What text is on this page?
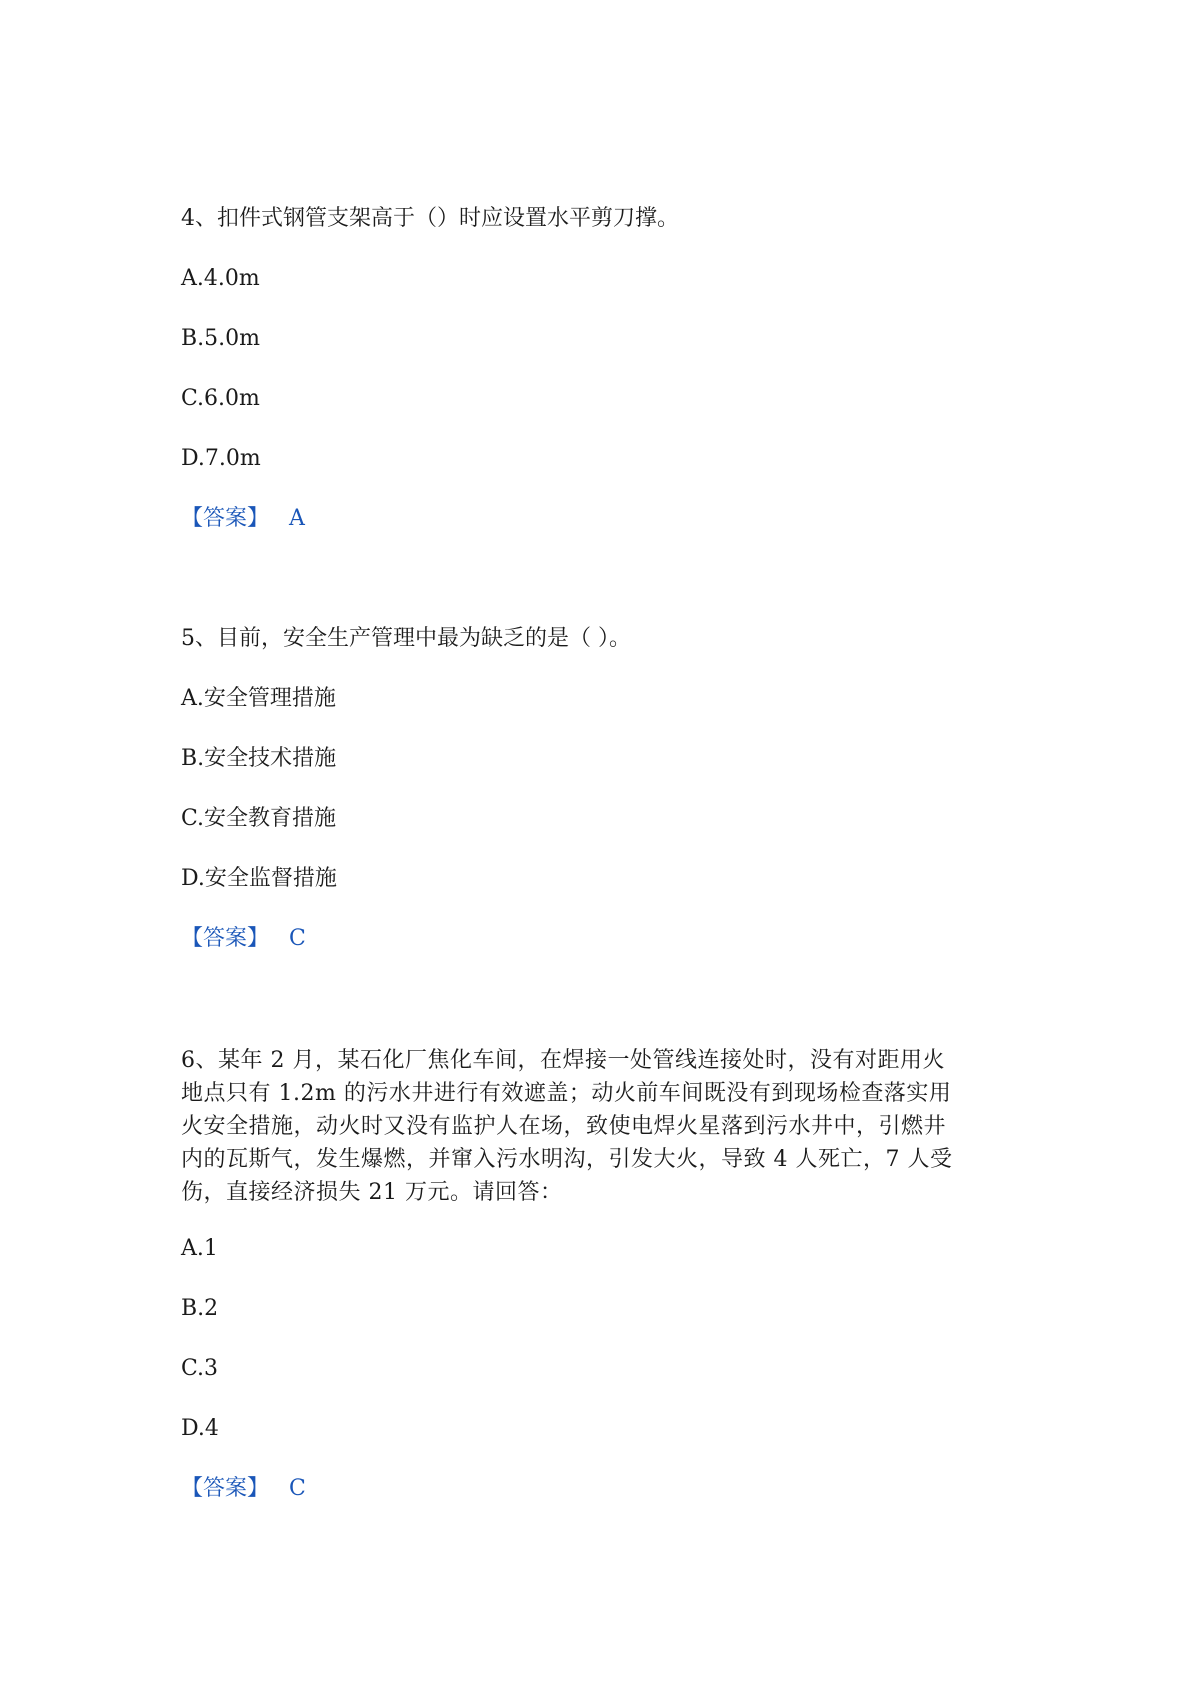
4、扣件式钢管支架高于（）时应设置水平剪刀撑。
A.4.0m
B.5.0m
C.6.0m
D.7.0m
【答案】 A
5、目前，安全生产管理中最为缺乏的是（ ）。
A.安全管理措施
B.安全技术措施
C.安全教育措施
D.安全监督措施
【答案】 C
6、某年 2 月，某石化厂焦化车间，在焊接一处管线连接处时，没有对距用火
地点只有 1.2m 的污水井进行有效遮盖；动火前车间既没有到现场检查落实用
火安全措施，动火时又没有监护人在场，致使电焊火星落到污水井中，引燃井
内的瓦斯气，发生爆燃，并窜入污水明沟，引发大火，导致 4 人死亡，7 人受
伤，直接经济损失 21 万元。请回答：
A.1
B.2
C.3
D.4
【答案】 C
